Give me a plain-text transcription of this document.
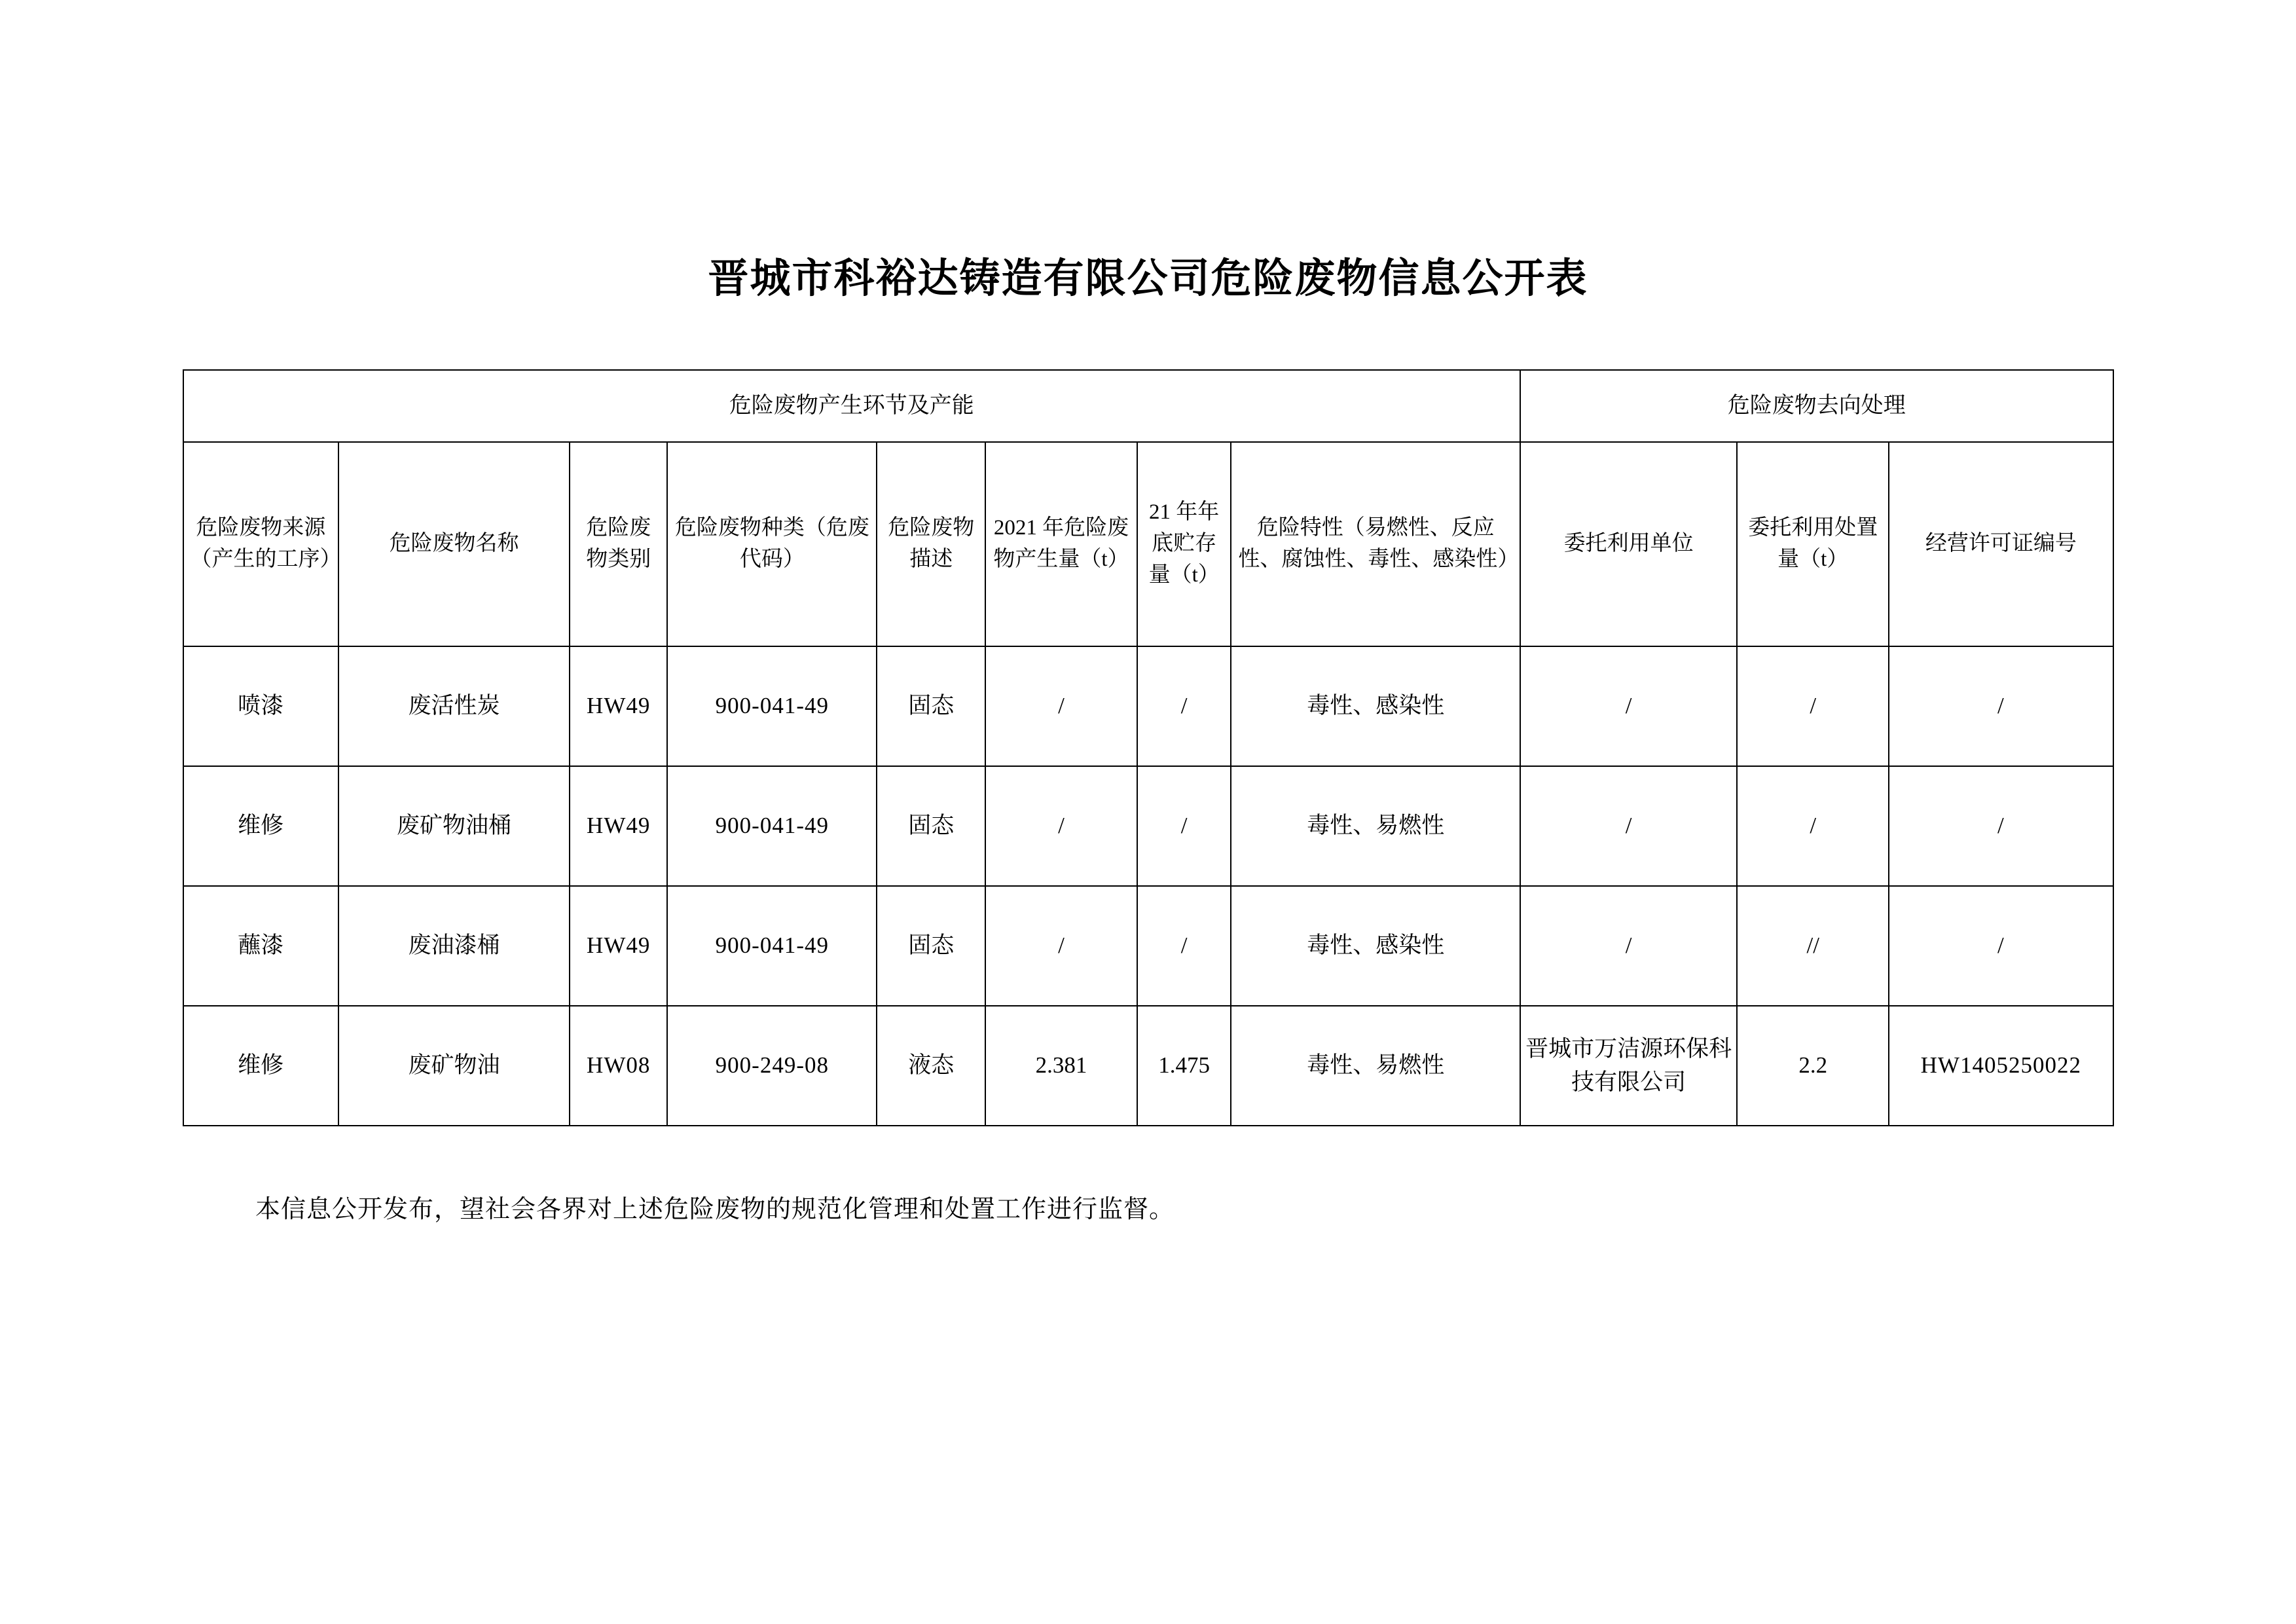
晋城市科裕达铸造有限公司危险废物信息公开表
危险废物产生环节及产能								危险废物去向处理		
危险废物来源（产生的工序）	危险废物名称	危险废物类别	危险废物种类（危废代码）	危险废物描述	2021 年危险废物产生量（t）	21 年年底贮存量（t）	危险特性（易燃性、反应性、腐蚀性、毒性、感染性）	委托利用单位	委托利用处置量（t）	经营许可证编号
喷漆	废活性炭	HW49	900-041-49	固态	/	/	毒性、感染性	/	/	/
维修	废矿物油桶	HW49	900-041-49	固态	/	/	毒性、易燃性	/	/	/
蘸漆	废油漆桶	HW49	900-041-49	固态	/	/	毒性、感染性	/	//	/
维修	废矿物油	HW08	900-249-08	液态	2.381	1.475	毒性、易燃性	晋城市万洁源环保科技有限公司	2.2	HW1405250022

本信息公开发布，望社会各界对上述危险废物的规范化管理和处置工作进行监督。
